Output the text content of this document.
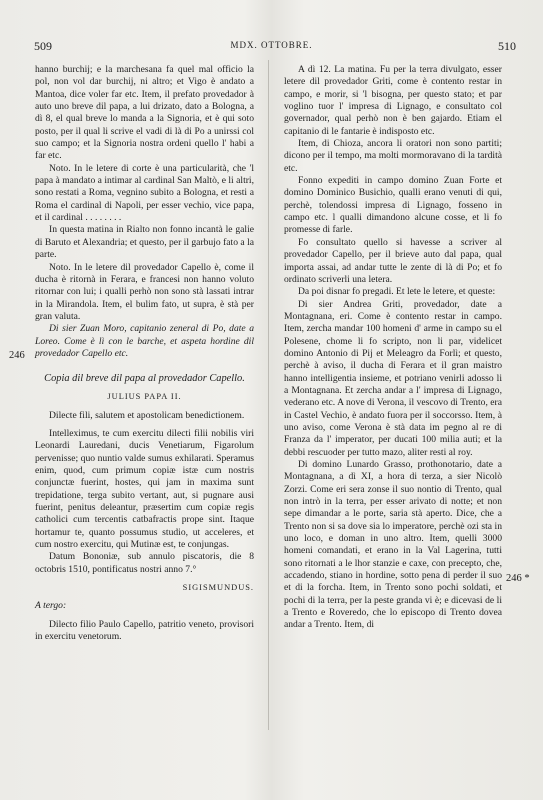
509	MDX. OTTOBRE.	510
246
246 *

hanno burchij; e la marchesana fa quel mal officio la pol, non vol dar burchij, ni altro; et Vigo è andato a Mantoa, dice voler far etc. Item, il prefato provedador à auto uno breve dil papa, a lui drizato, dato a Bologna, a dì 8, el qual breve lo manda a la Signoria, et è qui soto posto, per il qual li scrive el vadi di là di Po a unirssi col suo campo; et la Signoria nostra ordeni quello l' habi a far etc.

Noto. In le letere di corte è una particularità, che 'l papa à mandato a intimar al cardinal San Maltò, e li altri, sono restati a Roma, vegnino subito a Bologna, et resti a Roma el cardinal di Napoli, per esser vechio, vice papa, et il cardinal . . . . . . . .

In questa matina in Rialto non fonno incantà le galie di Baruto et Alexandria; et questo, per il garbujo fato a la parte.

Noto. In le letere dil provedador Capello è, come il ducha è ritornà in Ferara, e francesi non hanno voluto ritornar con lui; i qualli perhò non sono stà lassati intrar in la Mirandola. Item, el bulim fato, ut supra, è stà per gran valuta.

Di sier Zuan Moro, capitanio zeneral di Po, date a Loreo. Come è lì con le barche, et aspeta hordine dil provedador Capello etc.

Copia dil breve dil papa al provedador Capello.

JULIUS PAPA II.

Dilecte fili, salutem et apostolicam benedictionem.

Intelleximus, te cum exercitu dilecti filii nobilis viri Leonardi Lauredani, ducis Venetiarum, Figarolum pervenisse; quo nuntio valde sumus exhilarati. Speramus enim, quod, cum primum copiæ istæ cum nostris conjunctæ fuerint, hostes, qui jam in maxima sunt trepidatione, terga subito vertant, aut, si pugnare ausi fuerint, penitus deleantur, præsertim cum copiæ regis catholici cum tercentis catbafractis prope sint. Itaque hortamur te, quanto possumus studio, ut acceleres, et cum nostro exercitu, qui Mutinæ est, te conjungas.

Datum Bononiæ, sub annulo piscatoris, die 8 octobris 1510, pontificatus nostri anno 7.°

SIGISMUNDUS.

A tergo:

Dilecto filio Paulo Capello, patritio veneto, provisori in exercitu venetorum.

A dì 12. La matina. Fu per la terra divulgato, esser letere dil provedador Griti, come è contento restar in campo, e morir, si 'l bisogna, per questo stato; et par voglino tuor l' impresa di Lignago, e consultato col governador, qual perhò non è ben gajardo. Etiam el capitanio di le fantarie è indisposto etc.

Item, di Chioza, ancora li oratori non sono partiti; dicono per il tempo, ma molti mormoravano di la tardità etc.

Fonno expediti in campo domino Zuan Forte et domino Dominico Busichio, qualli erano venuti di qui, perchè, tolendossi impresa di Lignago, fosseno in campo etc. l qualli dimandono alcune cosse, et li fo promesse di farle.

Fo consultato quello si havesse a scriver al provedador Capello, per il brieve auto dal papa, qual importa assai, ad andar tutte le zente di là di Po; et fo ordinato scriverli una letera.

Da poi disnar fo pregadi. Et lete le letere, et queste:

Di sier Andrea Griti, provedador, date a Montagnana, eri. Come è contento restar in campo. Item, zercha mandar 100 homeni d' arme in campo su el Polesene, chome li fo scripto, non li par, videlicet domino Antonio di Pij et Meleagro da Forlì; et questo, perchè à aviso, il ducha di Ferara et il gran maistro hanno intelligentia insieme, et potriano venirli adosso li a Montagnana. Et zercha andar a l' impresa di Lignago, vederano etc. A nove di Verona, il vescovo di Trento, era in Castel Vechio, è andato fuora per il soccorsso. Item, à uno aviso, come Verona è stà data im pegno al re di Franza da l' imperator, per ducati 100 milia auti; et la debbi rescuoder per tutto mazo, aliter resti al roy.

Di domino Lunardo Grasso, prothonotario, date a Montagnana, a dì XI, a hora di terza, a sier Nicolò Zorzi. Come eri sera zonse il suo nontio di Trento, qual non intrò in la terra, per esser arivato di notte; et non sepe dimandar a le porte, saria stà aperto. Dice, che a Trento non si sa dove sia lo imperatore, perchè ozi sta in uno loco, e doman in uno altro. Item, quelli 3000 homeni comandati, et erano in la Val Lagerina, tutti sono ritornati a le lhor stanzie e caxe, con precepto, che, accadendo, stiano in hordine, sotto pena di perder il suo et di la forcha. Item, in Trento sono pochi soldati, et pochi di la terra, per la peste granda vi è; e dicevasi de li a Trento e Roveredo, che lo episcopo di Trento dovea andar a Trento. Item, di
